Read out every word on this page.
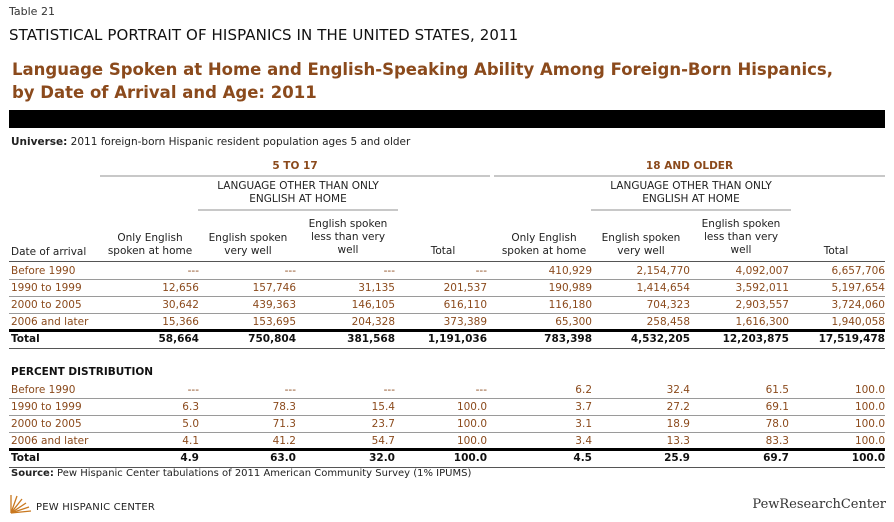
Table 21
STATISTICAL PORTRAIT OF HISPANICS IN THE UNITED STATES, 2011
Language Spoken at Home and English-Speaking Ability Among Foreign-Born Hispanics,
by Date of Arrival and Age: 2011
Universe: 2011 foreign-born Hispanic resident population ages 5 and older
5 TO 17	18 AND OLDER
LANGUAGE OTHER THAN ONLY
ENGLISH AT HOME
LANGUAGE OTHER THAN ONLY
ENGLISH AT HOME
Date of arrival
Only English
spoken at home
English spoken
very well
English spoken
less than very
well	Total
Only English
spoken at home
English spoken
very well
English spoken
less than very
well	Total
Before 1990	---	---	---	---	410,929	2,154,770	4,092,007	6,657,706
1990 to 1999	12,656	157,746	31,135	201,537	190,989	1,414,654	3,592,011	5,197,654
2000 to 2005	30,642	439,363	146,105	616,110	116,180	704,323	2,903,557	3,724,060
2006 and later	15,366	153,695	204,328	373,389	65,300	258,458	1,616,300	1,940,058
Total	58,664	750,804	381,568	1,191,036	783,398	4,532,205	12,203,875	17,519,478
PERCENT DISTRIBUTION
Before 1990	---	---	---	---	6.2	32.4	61.5	100.0
1990 to 1999	6.3	78.3	15.4	100.0	3.7	27.2	69.1	100.0
2000 to 2005	5.0	71.3	23.7	100.0	3.1	18.9	78.0	100.0
2006 and later	4.1	41.2	54.7	100.0	3.4	13.3	83.3	100.0
Total	4.9	63.0	32.0	100.0	4.5	25.9	69.7	100.0
Source: Pew Hispanic Center tabulations of 2011 American Community Survey (1% IPUMS)
PEW HISPANIC CENTER	PewResearchCenter
